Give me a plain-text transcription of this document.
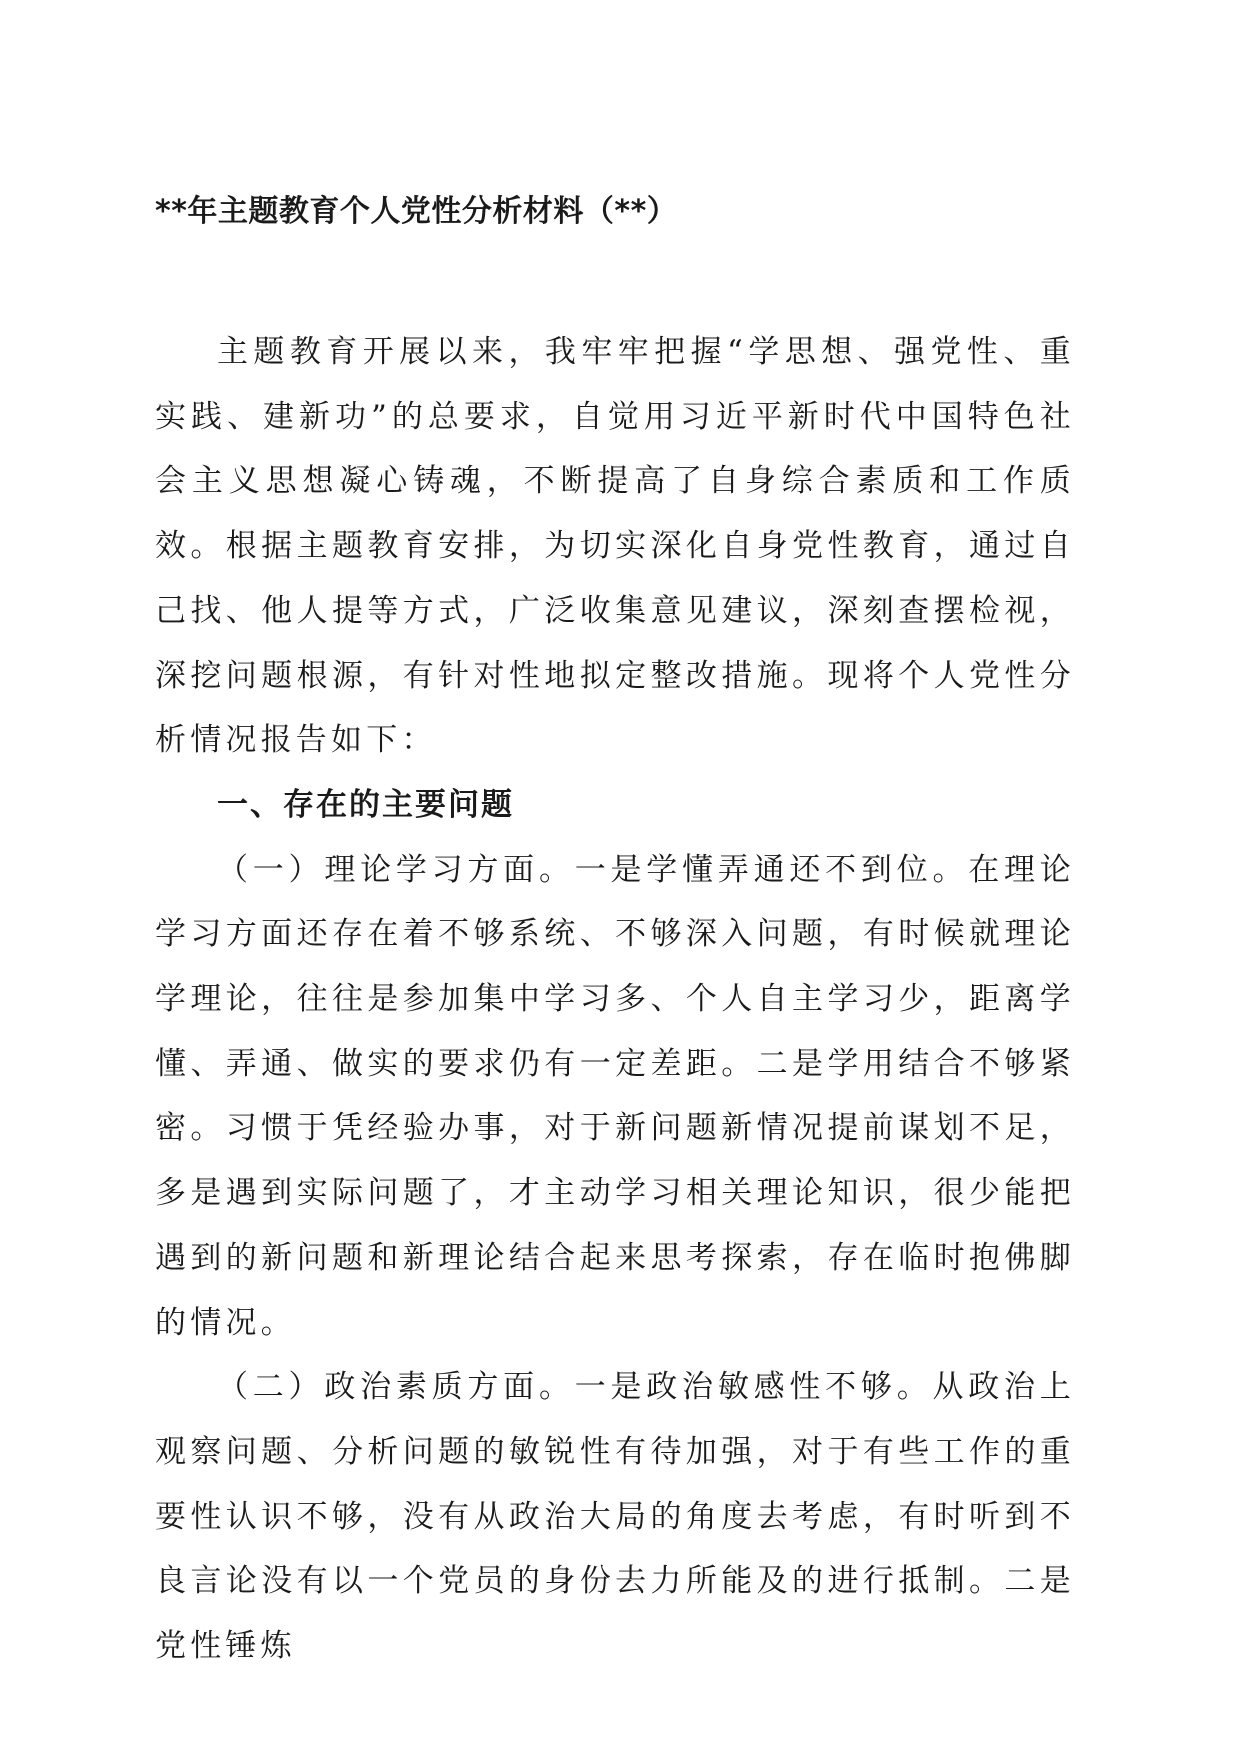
**年主题教育个人党性分析材料（**）

主题教育开展以来，我牢牢把握“学思想、强党性、重实践、建新功”的总要求，自觉用习近平新时代中国特色社会主义思想凝心铸魂，不断提高了自身综合素质和工作质效。根据主题教育安排，为切实深化自身党性教育，通过自己找、他人提等方式，广泛收集意见建议，深刻查摆检视，深挖问题根源，有针对性地拟定整改措施。现将个人党性分析情况报告如下：

一、存在的主要问题

（一）理论学习方面。一是学懂弄通还不到位。在理论学习方面还存在着不够系统、不够深入问题，有时候就理论学理论，往往是参加集中学习多、个人自主学习少，距离学懂、弄通、做实的要求仍有一定差距。二是学用结合不够紧密。习惯于凭经验办事，对于新问题新情况提前谋划不足，多是遇到实际问题了，才主动学习相关理论知识，很少能把遇到的新问题和新理论结合起来思考探索，存在临时抱佛脚的情况。

（二）政治素质方面。一是政治敏感性不够。从政治上观察问题、分析问题的敏锐性有待加强，对于有些工作的重要性认识不够，没有从政治大局的角度去考虑，有时听到不良言论没有以一个党员的身份去力所能及的进行抵制。二是党性锤炼
